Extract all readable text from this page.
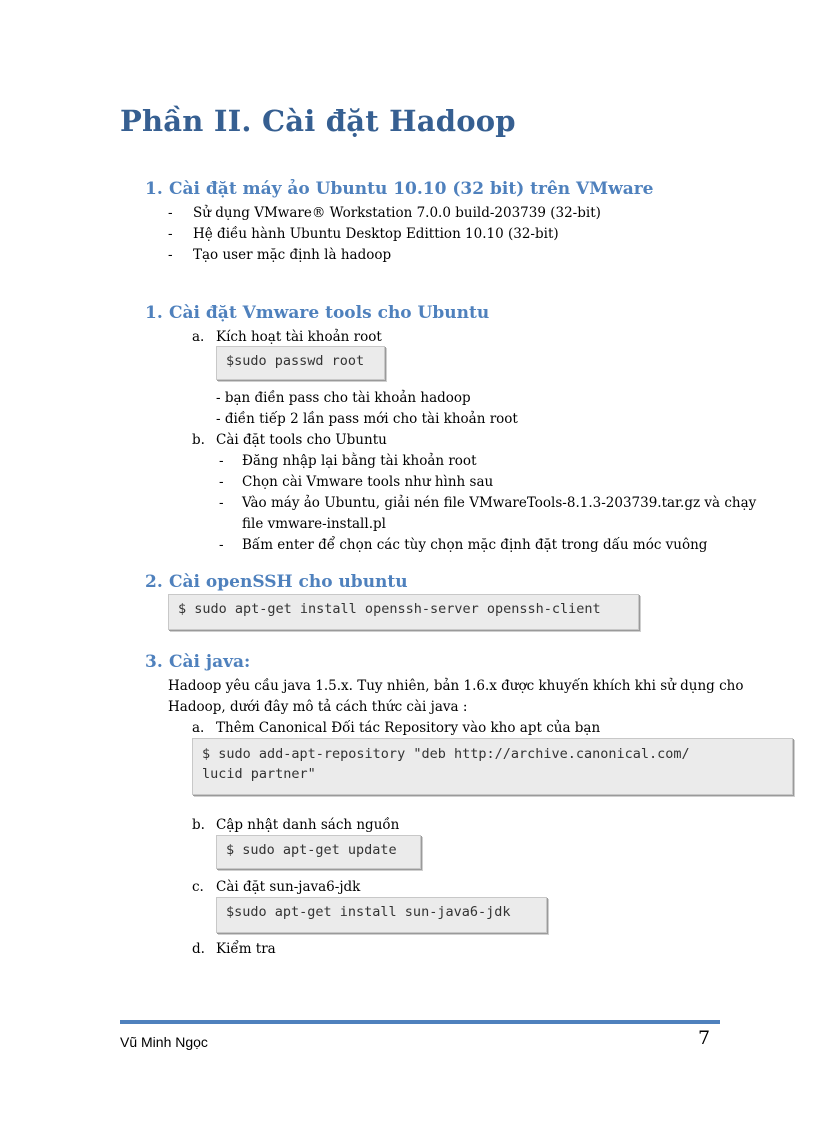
Phần II. Cài đặt Hadoop
1. Cài đặt máy ảo Ubuntu 10.10 (32 bit) trên VMware
- Sử dụng VMware® Workstation 7.0.0 build-203739 (32-bit)
- Hệ điều hành Ubuntu Desktop Edittion 10.10 (32-bit)
- Tạo user mặc định là hadoop
1. Cài đặt Vmware tools cho Ubuntu
a. Kích hoạt tài khoản root
$sudo passwd root
- bạn điền pass cho tài khoản hadoop
- điền tiếp 2 lần pass mới cho tài khoản root
b. Cài đặt tools cho Ubuntu
- Đăng nhập lại bằng tài khoản root
- Chọn cài Vmware tools như hình sau
- Vào máy ảo Ubuntu, giải nén file VMwareTools-8.1.3-203739.tar.gz và chạy
file vmware-install.pl
- Bấm enter để chọn các tùy chọn mặc định đặt trong dấu móc vuông
2. Cài openSSH cho ubuntu
$ sudo apt-get install openssh-server openssh-client
3. Cài java:
Hadoop yêu cầu java 1.5.x. Tuy nhiên, bản 1.6.x được khuyến khích khi sử dụng cho
Hadoop, dưới đây mô tả cách thức cài java :
a. Thêm Canonical Đối tác Repository vào kho apt của bạn
$ sudo add-apt-repository "deb http://archive.canonical.com/
lucid partner"
b. Cập nhật danh sách nguồn
$ sudo apt-get update
c. Cài đặt sun-java6-jdk
$sudo apt-get install sun-java6-jdk
d. Kiểm tra
Vũ Minh Ngọc	7
